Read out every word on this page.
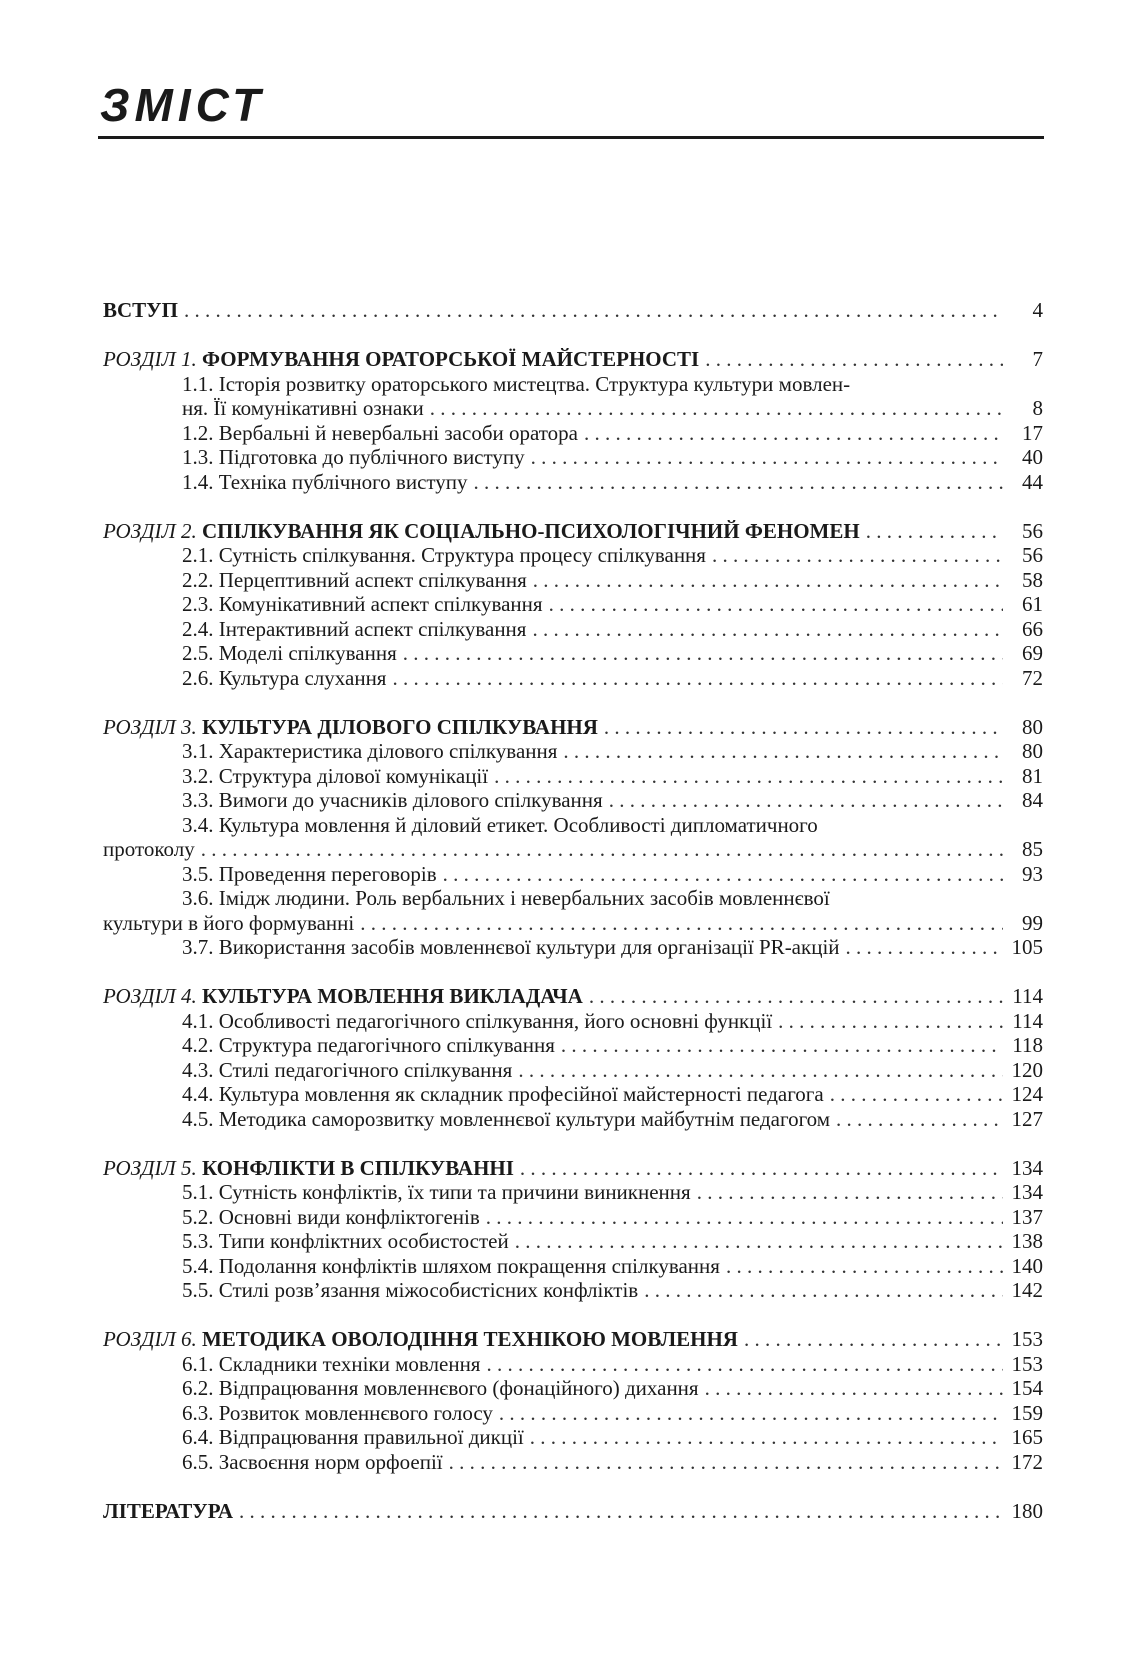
ЗМІСТ
ВСТУП . . .	4
РОЗДІЛ 1. ФОРМУВАННЯ ОРАТОРСЬКОЇ МАЙСТЕРНОСТІ . . .	7
1.1. Історія розвитку ораторського мистецтва. Структура культури мовлен-
ня. Її комунікативні ознаки . . .	8
1.2. Вербальні й невербальні засоби оратора . . .	17
1.3. Підготовка до публічного виступу . . .	40
1.4. Техніка публічного виступу . . .	44
РОЗДІЛ 2. СПІЛКУВАННЯ ЯК СОЦІАЛЬНО-ПСИХОЛОГІЧНИЙ ФЕНОМЕН . . .	56
2.1. Сутність спілкування. Структура процесу спілкування . . .	56
2.2. Перцептивний аспект спілкування . . .	58
2.3. Комунікативний аспект спілкування . . .	61
2.4. Інтерактивний аспект спілкування . . .	66
2.5. Моделі спілкування . . .	69
2.6. Культура слухання . . .	72
РОЗДІЛ 3. КУЛЬТУРА ДІЛОВОГО СПІЛКУВАННЯ . . .	80
3.1. Характеристика ділового спілкування . . .	80
3.2. Структура ділової комунікації . . .	81
3.3. Вимоги до учасників ділового спілкування . . .	84
3.4. Культура мовлення й діловий етикет. Особливості дипломатичного
протоколу . . .	85
3.5. Проведення переговорів . . .	93
3.6. Імідж людини. Роль вербальних і невербальних засобів мовленнєвої
культури в його формуванні . . .	99
3.7. Використання засобів мовленнєвої культури для організації PR-акцій . . .	105
РОЗДІЛ 4. КУЛЬТУРА МОВЛЕННЯ ВИКЛАДАЧА . . .	114
4.1. Особливості педагогічного спілкування, його основні функції . . .	114
4.2. Структура педагогічного спілкування . . .	118
4.3. Стилі педагогічного спілкування . . .	120
4.4. Культура мовлення як складник професійної майстерності педагога . . .	124
4.5. Методика саморозвитку мовленнєвої культури майбутнім педагогом . . .	127
РОЗДІЛ 5. КОНФЛІКТИ В СПІЛКУВАННІ . . .	134
5.1. Сутність конфліктів, їх типи та причини виникнення . . .	134
5.2. Основні види конфліктогенів . . .	137
5.3. Типи конфліктних особистостей . . .	138
5.4. Подолання конфліктів шляхом покращення спілкування . . .	140
5.5. Стилі розв’язання міжособистісних конфліктів . . .	142
РОЗДІЛ 6. МЕТОДИКА ОВОЛОДІННЯ ТЕХНІКОЮ МОВЛЕННЯ . . .	153
6.1. Складники техніки мовлення . . .	153
6.2. Відпрацювання мовленнєвого (фонаційного) дихання . . .	154
6.3. Розвиток мовленнєвого голосу . . .	159
6.4. Відпрацювання правильної дикції . . .	165
6.5. Засвоєння норм орфоепії . . .	172
ЛІТЕРАТУРА . . .	180
